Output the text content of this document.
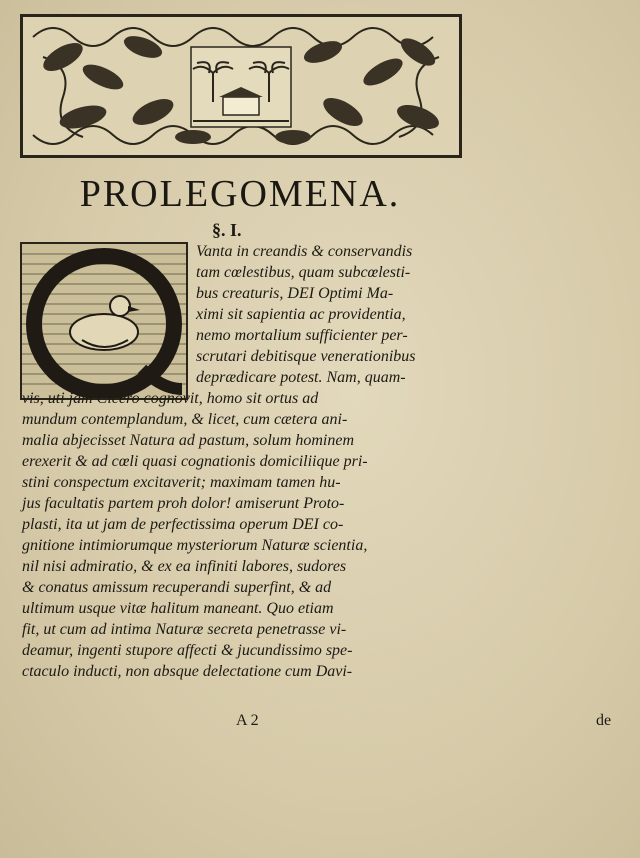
PROLEGOMENA.
§. I.
Vanta in creandis & conservandis
tam cœlestibus, quam subcœlesti-
bus creaturis, DEI Optimi Ma-
ximi sit sapientia ac providentia,
nemo mortalium sufficienter per-
scrutari debitisque venerationibus
deprædicare potest. Nam, quam-
vis, uti jam Cicero cognovit, homo sit ortus ad
mundum contemplandum, & licet, cum cætera ani-
malia abjecisset Natura ad pastum, solum hominem
erexerit & ad cœli quasi cognationis domiciliique pri-
stini conspectum excitaverit; maximam tamen hu-
jus facultatis partem proh dolor! amiserunt Proto-
plasti, ita ut jam de perfectissima operum DEI co-
gnitione intimiorumque mysteriorum Naturæ scientia,
nil nisi admiratio, & ex ea infiniti labores, sudores
& conatus amissum recuperandi superfint, & ad
ultimum usque vitæ halitum maneant. Quo etiam
fit, ut cum ad intima Naturæ secreta penetrasse vi-
deamur, ingenti stupore affecti & jucundissimo spe-
ctaculo inducti, non absque delectatione cum Davi-
A 2	de
